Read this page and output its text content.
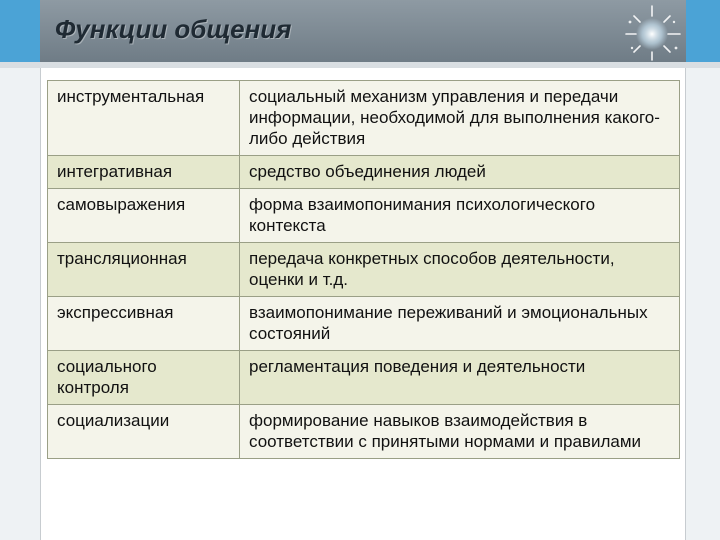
Функции общения
инструментальная	социальный механизм управления и передачи информации, необходимой для выполнения какого-либо действия
интегративная	средство объединения людей
самовыражения	форма взаимопонимания психологического контекста
трансляционная	передача конкретных способов деятельности, оценки и т.д.
экспрессивная	взаимопонимание переживаний и эмоциональных состояний
социального контроля	регламентация поведения и деятельности
социализации	формирование навыков взаимодействия в соответствии с принятыми нормами и правилами
